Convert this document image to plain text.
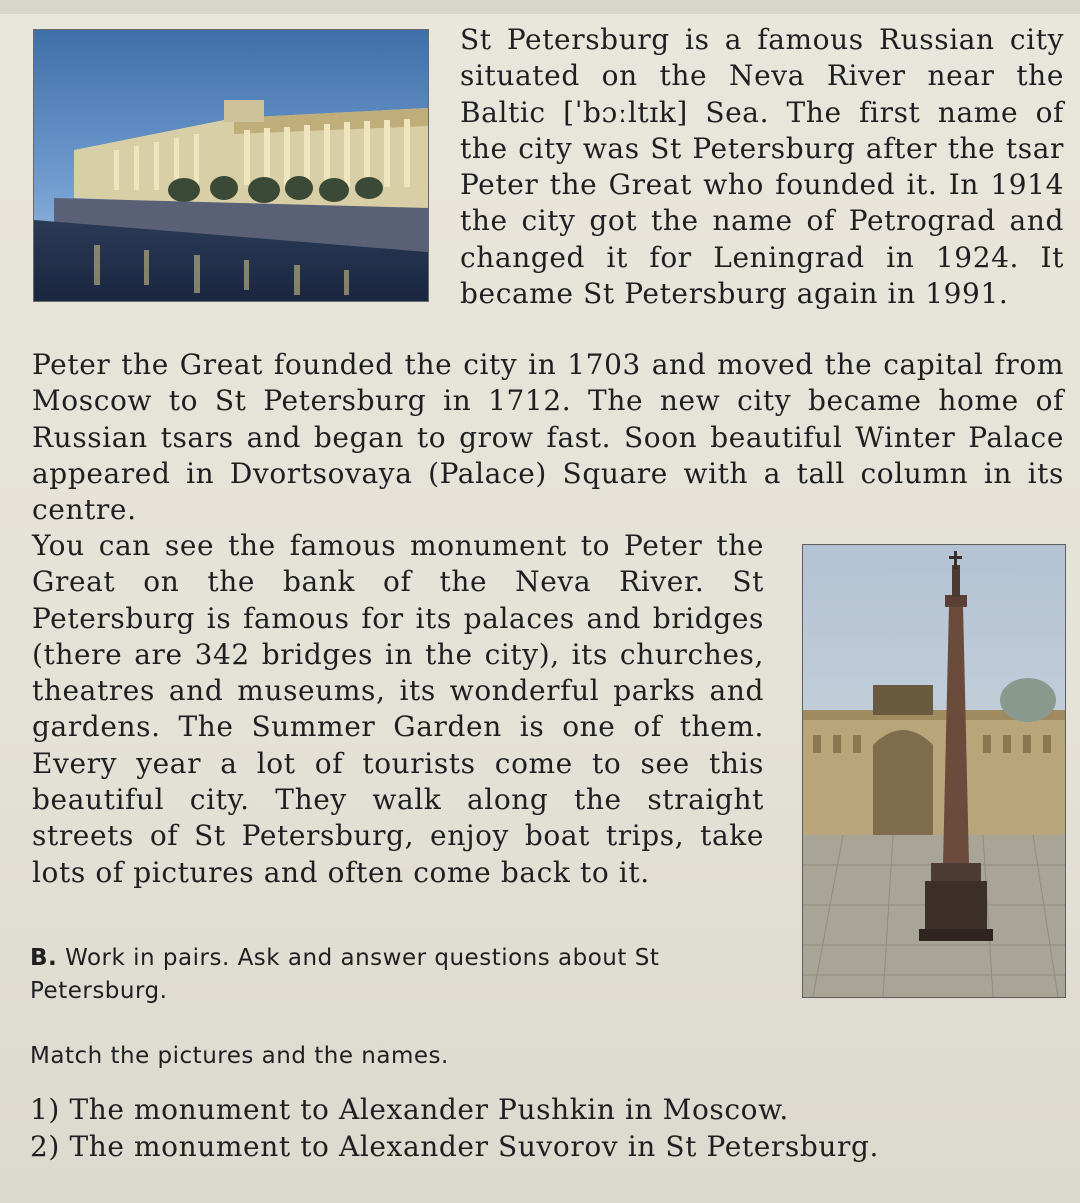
St Petersburg is a famous Russian city situated on the Neva River near the Baltic [ˈbɔːltɪk] Sea. The first name of the city was St Petersburg after the tsar Peter the Great who founded it. In 1914 the city got the name of Petrograd and changed it for Leningrad in 1924. It became St Petersburg again in 1991.
Peter the Great founded the city in 1703 and moved the capital from Moscow to St Petersburg in 1712. The new city became home of Russian tsars and began to grow fast. Soon beautiful Winter Palace appeared in Dvortsovaya (Palace) Square with a tall column in its centre.
You can see the famous monument to Peter the Great on the bank of the Neva River. St Petersburg is famous for its palaces and bridges (there are 342 bridges in the city), its churches, theatres and museums, its wonderful parks and gardens. The Summer Garden is one of them. Every year a lot of tourists come to see this beautiful city. They walk along the straight streets of St Petersburg, enjoy boat trips, take lots of pictures and often come back to it.
B. Work in pairs. Ask and answer questions about St Petersburg.
Match the pictures and the names.
1) The monument to Alexander Pushkin in Moscow.
2) The monument to Alexander Suvorov in St Petersburg.
